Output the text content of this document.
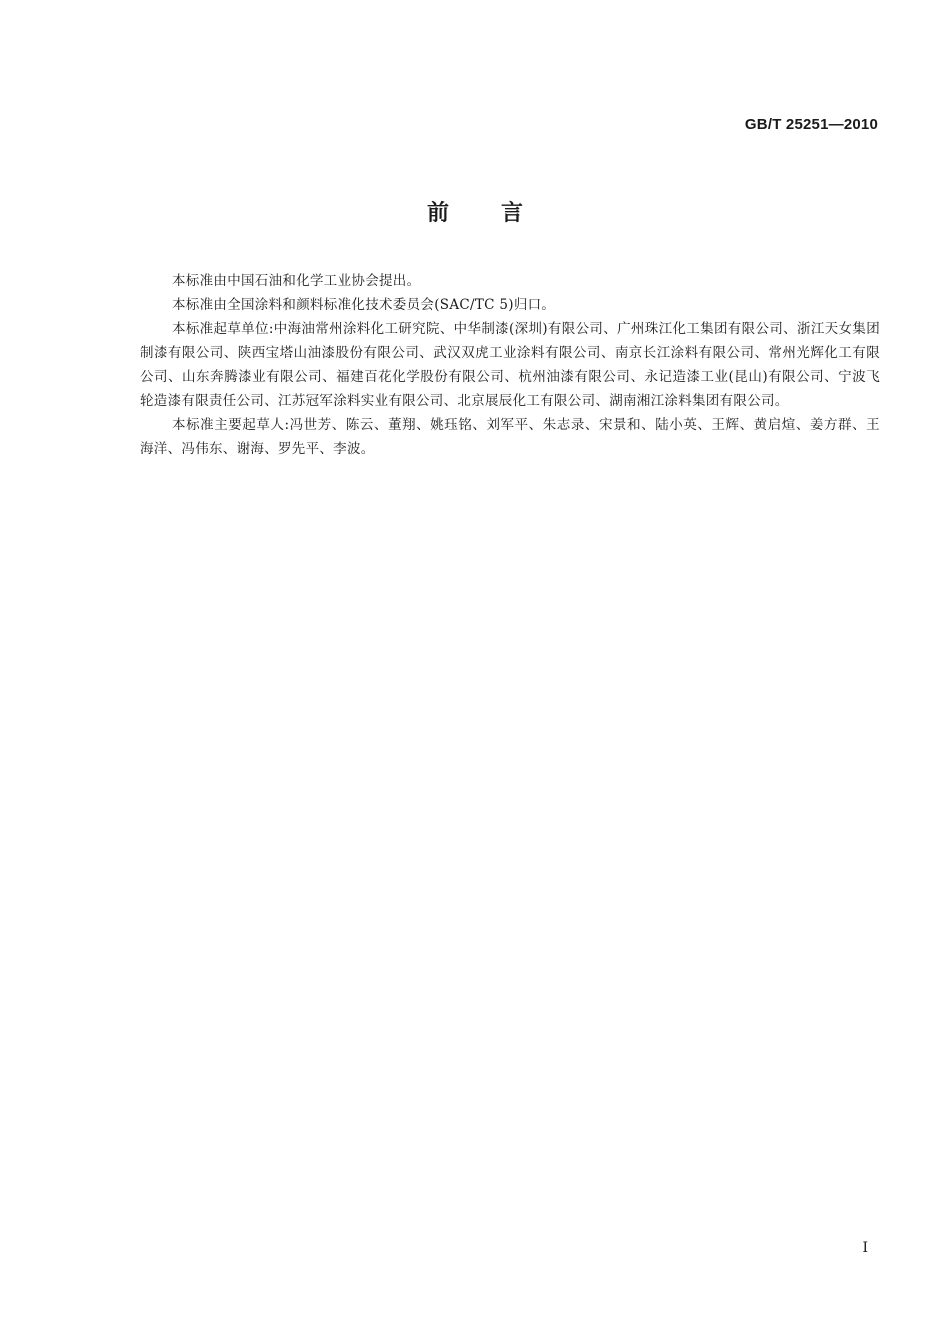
GB/T 25251—2010
前言

本标准由中国石油和化学工业协会提出。

本标准由全国涂料和颜料标准化技术委员会(SAC/TC 5)归口。

本标准起草单位:中海油常州涂料化工研究院、中华制漆(深圳)有限公司、广州珠江化工集团有限公司、浙江天女集团制漆有限公司、陕西宝塔山油漆股份有限公司、武汉双虎工业涂料有限公司、南京长江涂料有限公司、常州光辉化工有限公司、山东奔腾漆业有限公司、福建百花化学股份有限公司、杭州油漆有限公司、永记造漆工业(昆山)有限公司、宁波飞轮造漆有限责任公司、江苏冠军涂料实业有限公司、北京展辰化工有限公司、湖南湘江涂料集团有限公司。

本标准主要起草人:冯世芳、陈云、董翔、姚珏铭、刘军平、朱志录、宋景和、陆小英、王辉、黄启煊、姜方群、王海洋、冯伟东、谢海、罗先平、李波。

I
